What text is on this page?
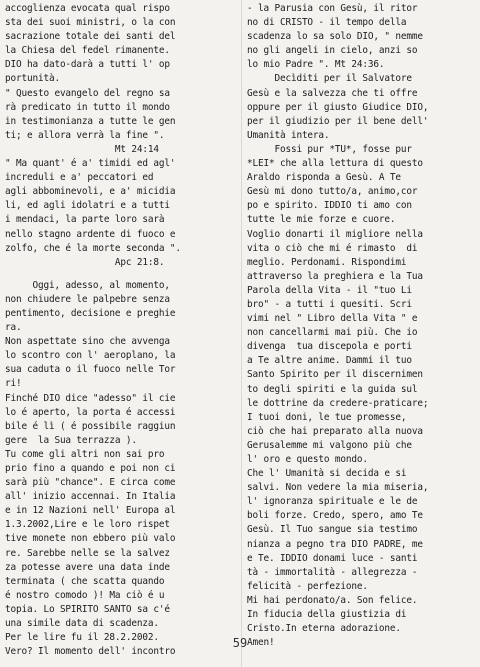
accoglienza evocata qual rispo
sta dei suoi ministri, o la con
sacrazione totale dei santi del
la Chiesa del fedel rimanente.
DIO ha dato-darà a tutti l' op
portunità.
" Questo evangelo del regno sa
rà predicato in tutto il mondo
in testimonianza a tutte le gen
ti; e allora verrà la fine ".
Mt 24:14
" Ma quant' é a' timidi ed agl'
increduli e a' peccatori ed
agli abbominevoli, e a' micidia
li, ed agli idolatri e a tutti
i mendaci, la parte loro sarà
nello stagno ardente di fuoco e
zolfo, che é la morte seconda ".
Apc 21:8.
Oggi, adesso, al momento,
non chiudere le palpebre senza
pentimento, decisione e preghie
ra.
Non aspettate sino che avvenga
lo scontro con l' aeroplano, la
sua caduta o il fuoco nelle Tor
ri!
Finché DIO dice "adesso" il cie
lo é aperto, la porta é accessi
bile é lì ( é possibile raggiun
gere  la Sua terrazza ).
Tu come gli altri non sai pro
prio fino a quando e poi non ci
sarà più "chance". E circa come
all' inizio accennai. In Italia
e in 12 Nazioni nell' Europa al
1.3.2002,Lire e le loro rispet
tive monete non ebbero più valo
re. Sarebbe nelle se la salvez
za potesse avere una data inde
terminata ( che scatta quando
é nostro comodo )! Ma ciò é u
topia. Lo SPIRITO SANTO sa c'é
una simile data di scadenza.
Per le lire fu il 28.2.2002.
Vero? Il momento dell' incontro
- la Parusia con Gesù, il ritor
no di CRISTO - il tempo della
scadenza lo sa solo DIO, " nemme
no gli angeli in cielo, anzi so
lo mio Padre ". Mt 24:36.
Decìditi per il Salvatore
Gesù e la salvezza che ti offre
oppure per il giusto Giudice DIO,
per il giudizio per il bene dell'
Umanità intera.
Fossi pur *TU*, fosse pur
*LEI* che alla lettura di questo
Araldo risponda a Gesù. A Te
Gesù mi dono tutto/a, animo,cor
po e spirito. IDDIO ti amo con
tutte le mie forze e cuore.
Voglio donarti il migliore nella
vita o ciò che mi é rimasto  di
meglio. Perdonami. Rispondimi
attraverso la preghiera e la Tua
Parola della Vita - il "tuo Li
bro" - a tutti i quesiti. Scri
vimi nel " Libro della Vita " e
non cancellarmi mai più. Che io
divenga  tua discepola e porti
a Te altre anime. Dammi il tuo
Santo Spirito per il discernimen
to degli spiriti e la guida sul
le dottrine da credere-praticare;
I tuoi doni, le tue promesse,
ciò che hai preparato alla nuova
Gerusalemme mi valgono più che
l' oro e questo mondo.
Che l' Umanità si decida e si
salvi. Non vedere la mia miseria,
l' ignoranza spirituale e le de
boli forze. Credo, spero, amo Te
Gesù. Il Tuo sangue sia testimo
nianza a pegno tra DIO PADRE, me
e Te. IDDIO donami luce - santi
tà - immortalità - allegrezza -
felicità - perfezione.
Mi hai perdonato/a. Son felice.
In fiducia della giustizia di
Cristo.In eterna adorazione.
Amen!
59
